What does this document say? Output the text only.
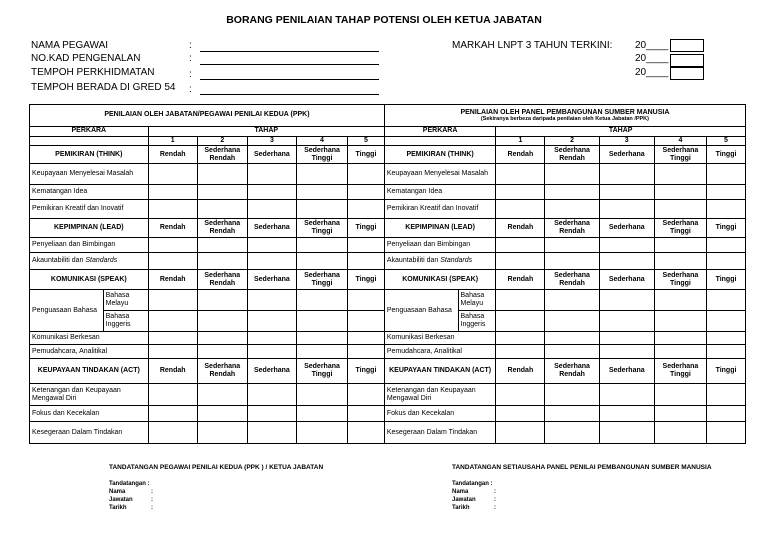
BORANG PENILAIAN TAHAP POTENSI OLEH KETUA JABATAN
NAMA PEGAWAI	:
NO.KAD PENGENALAN	:
TEMPOH PERKHIDMATAN	:
TEMPOH BERADA DI GRED 54 :
MARKAH LNPT 3 TAHUN TERKINI: 20____
20____
20____
PENILAIAN OLEH JABATAN/PEGAWAI PENILAI KEDUA (PPK)							PENILAIAN OLEH PANEL PEMBANGUNAN SUMBER MANUSIA
(Sekiranya berbeza daripada penilaian oleh Ketua Jabatan /PPK)						

PERKARA		TAHAP					PERKARA		TAHAP				
		1	2	3	4	5			1	2	3	4	5
PEMIKIRAN (THINK)		Rendah	Sederhana Rendah	Sederhana	Sederhana Tinggi	Tinggi	PEMIKIRAN (THINK)		Rendah	Sederhana Rendah	Sederhana	Sederhana Tinggi	Tinggi
Keupayaan Menyelesai Masalah							Keupayaan Menyelesai Masalah						
Kematangan Idea							Kematangan Idea						
Pemikiran Kreatif dan Inovatif							Pemikiran Kreatif dan Inovatif						
KEPIMPINAN (LEAD)		Rendah	Sederhana Rendah	Sederhana	Sederhana Tinggi	Tinggi	KEPIMPINAN (LEAD)		Rendah	Sederhana Rendah	Sederhana	Sederhana Tinggi	Tinggi
Penyeliaan dan Bimbingan							Penyeliaan dan Bimbingan						
Akauntabiliti dan Standards							Akauntabiliti dan Standards						
KOMUNIKASI (SPEAK)		Rendah	Sederhana Rendah	Sederhana	Sederhana Tinggi	Tinggi	KOMUNIKASI (SPEAK)		Rendah	Sederhana Rendah	Sederhana	Sederhana Tinggi	Tinggi
Penguasaan Bahasa	Bahasa Melayu						Penguasaan Bahasa	Bahasa Melayu					
	Bahasa Inggeris							Bahasa Inggeris					
Komunikasi Berkesan							Komunikasi Berkesan						
Pemudahcara, Analitikal							Pemudahcara, Analitikal						
KEUPAYAAN TINDAKAN (ACT)		Rendah	Sederhana Rendah	Sederhana	Sederhana Tinggi	Tinggi	KEUPAYAAN TINDAKAN (ACT)		Rendah	Sederhana Rendah	Sederhana	Sederhana Tinggi	Tinggi
Ketenangan dan Keupayaan Mengawal Diri							Ketenangan dan Keupayaan Mengawal Diri						
Fokus dan Kecekalan							Fokus dan Kecekalan						
Kesegeraan Dalam Tindakan							Kesegeraan Dalam Tindakan						
TANDATANGAN PEGAWAI PENILAI KEDUA (PPK ) / KETUA JABATAN	TANDATANGAN SETIAUSAHA PANEL PENILAI PEMBANGUNAN SUMBER MANUSIA
Tandatangan :
Nama	:
Jawatan	:
Tarikh	:
Tandatangan :
Nama	:
Jawatan	:
Tarikh	:
